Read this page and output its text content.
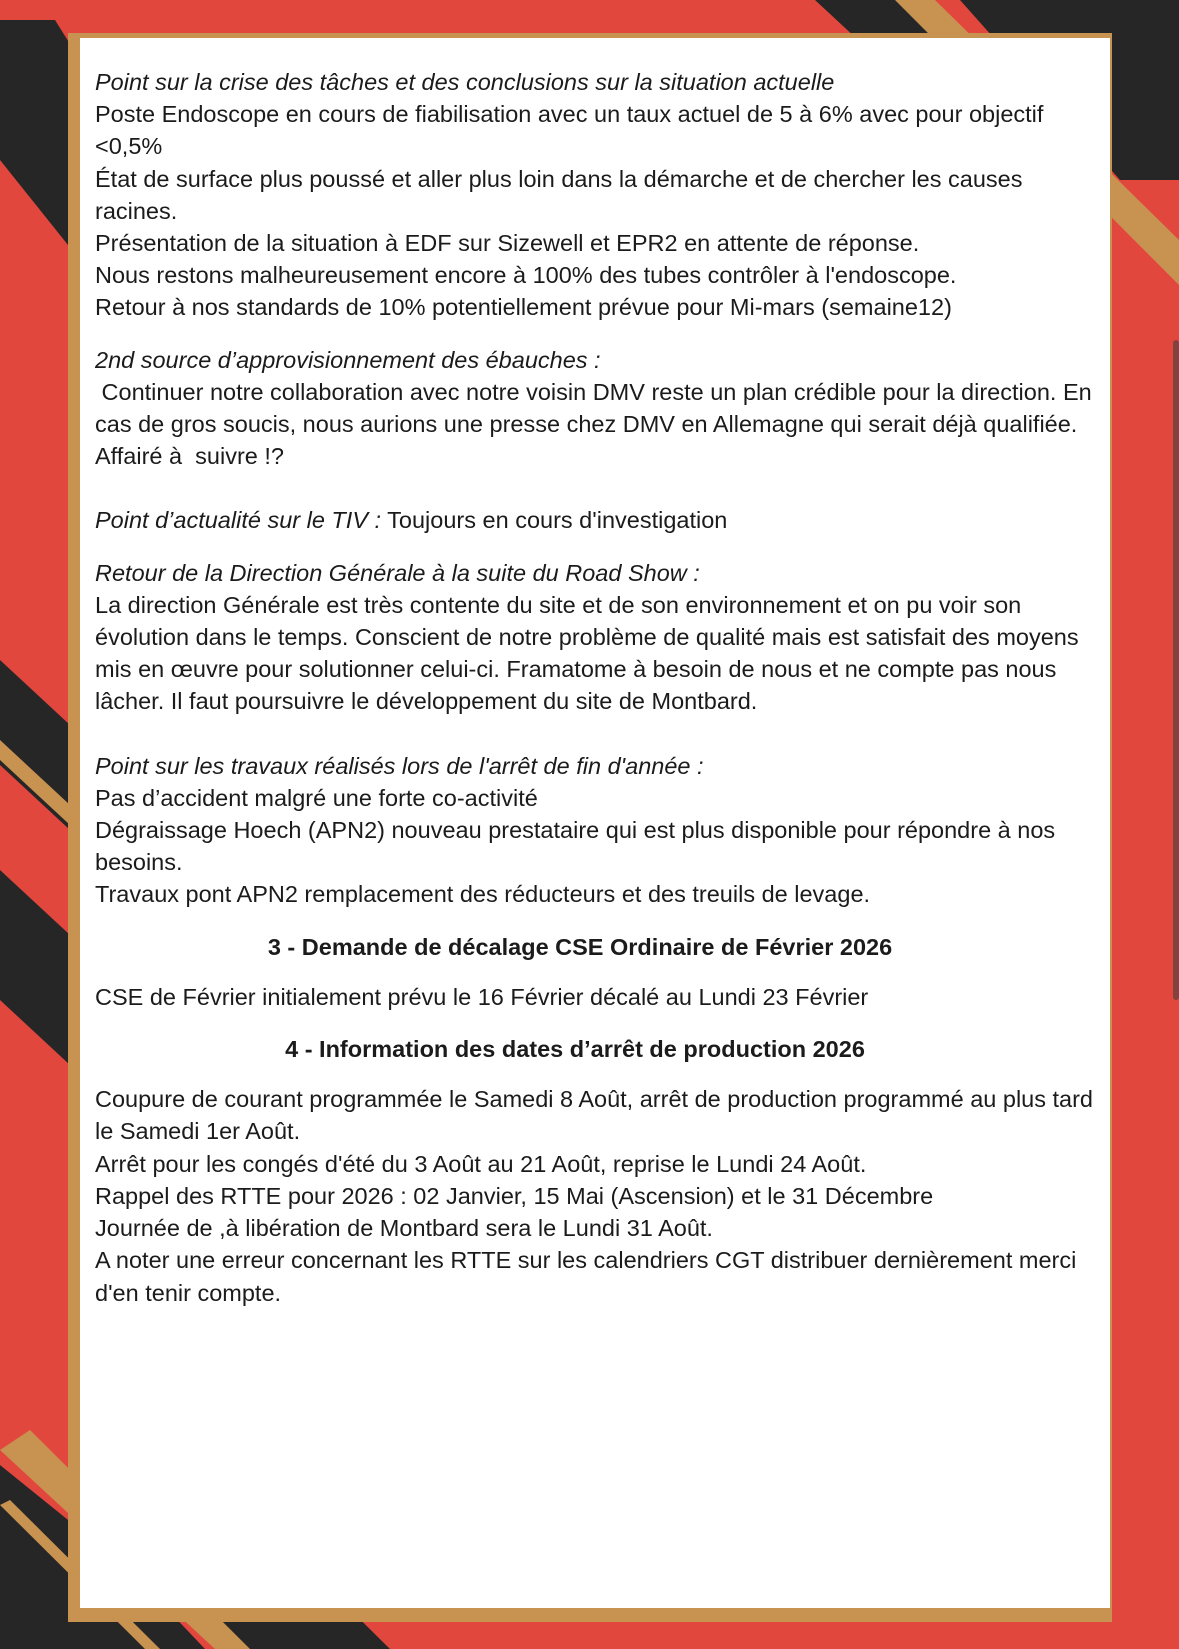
Point sur la crise des tâches et des conclusions sur la situation actuelle
Poste Endoscope en cours de fiabilisation avec un taux actuel de 5 à 6% avec pour objectif <0,5%
État de surface plus poussé et aller plus loin dans la démarche et de chercher les causes racines.
Présentation de la situation à EDF sur Sizewell et EPR2 en attente de réponse.
Nous restons malheureusement encore à 100% des tubes contrôler à l'endoscope.
Retour à nos standards de 10% potentiellement prévue pour Mi-mars (semaine12)
2nd source d’approvisionnement des ébauches :
Continuer notre collaboration avec notre voisin DMV reste un plan crédible pour la direction. En cas de gros soucis, nous aurions une presse chez DMV en Allemagne qui serait déjà qualifiée. Affairé à  suivre !?
Point d’actualité sur le TIV : Toujours en cours d'investigation
Retour de la Direction Générale à la suite du Road Show :
La direction Générale est très contente du site et de son environnement et on pu voir son évolution dans le temps. Conscient de notre problème de qualité mais est satisfait des moyens mis en œuvre pour solutionner celui-ci. Framatome à besoin de nous et ne compte pas nous lâcher. Il faut poursuivre le développement du site de Montbard.
Point sur les travaux réalisés lors de l'arrêt de fin d'année :
Pas d’accident malgré une forte co-activité
Dégraissage Hoech (APN2) nouveau prestataire qui est plus disponible pour répondre à nos besoins.
Travaux pont APN2 remplacement des réducteurs et des treuils de levage.
3 - Demande de décalage CSE Ordinaire de Février 2026
CSE de Février initialement prévu le 16 Février décalé au Lundi 23 Février
4 - Information des dates d’arrêt de production 2026
Coupure de courant programmée le Samedi 8 Août, arrêt de production programmé au plus tard le Samedi 1er Août.
Arrêt pour les congés d'été du 3 Août au 21 Août, reprise le Lundi 24 Août.
Rappel des RTTE pour 2026 : 02 Janvier, 15 Mai (Ascension) et le 31 Décembre
Journée de ,à libération de Montbard sera le Lundi 31 Août.
A noter une erreur concernant les RTTE sur les calendriers CGT distribuer dernièrement merci d'en tenir compte.
